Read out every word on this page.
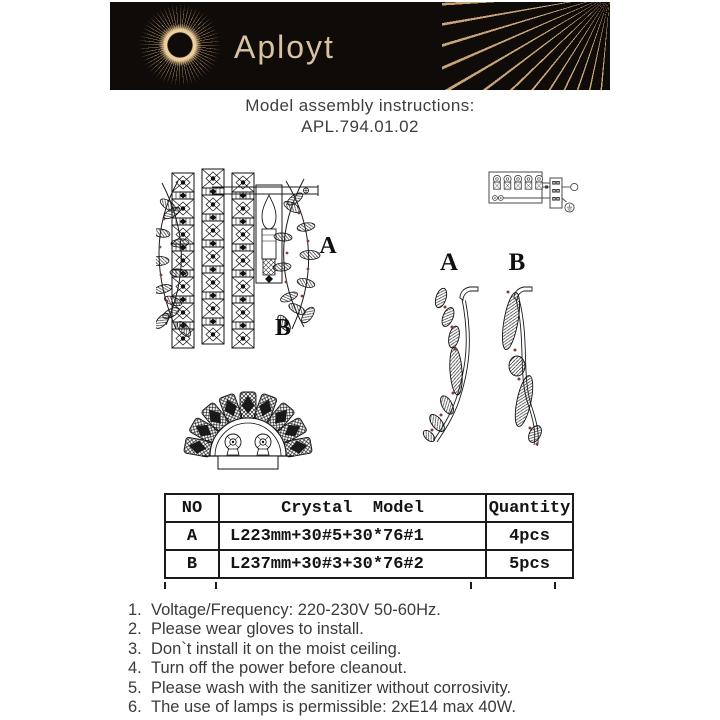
Aployt
Model assembly instructions:
APL.794.01.02
A
B
A B
NO	Crystal  Model	Quantity
A	L223mm+30#5+30*76#1	4pcs
B	L237mm+30#3+30*76#2	5pcs
1. Voltage/Frequency: 220-230V 50-60Hz.
2. Please wear gloves to install.
3. Don`t install it on the moist ceiling.
4. Turn off the power before cleanout.
5. Please wash with the sanitizer without corrosivity.
6. The use of lamps is permissible: 2xE14 max 40W.
